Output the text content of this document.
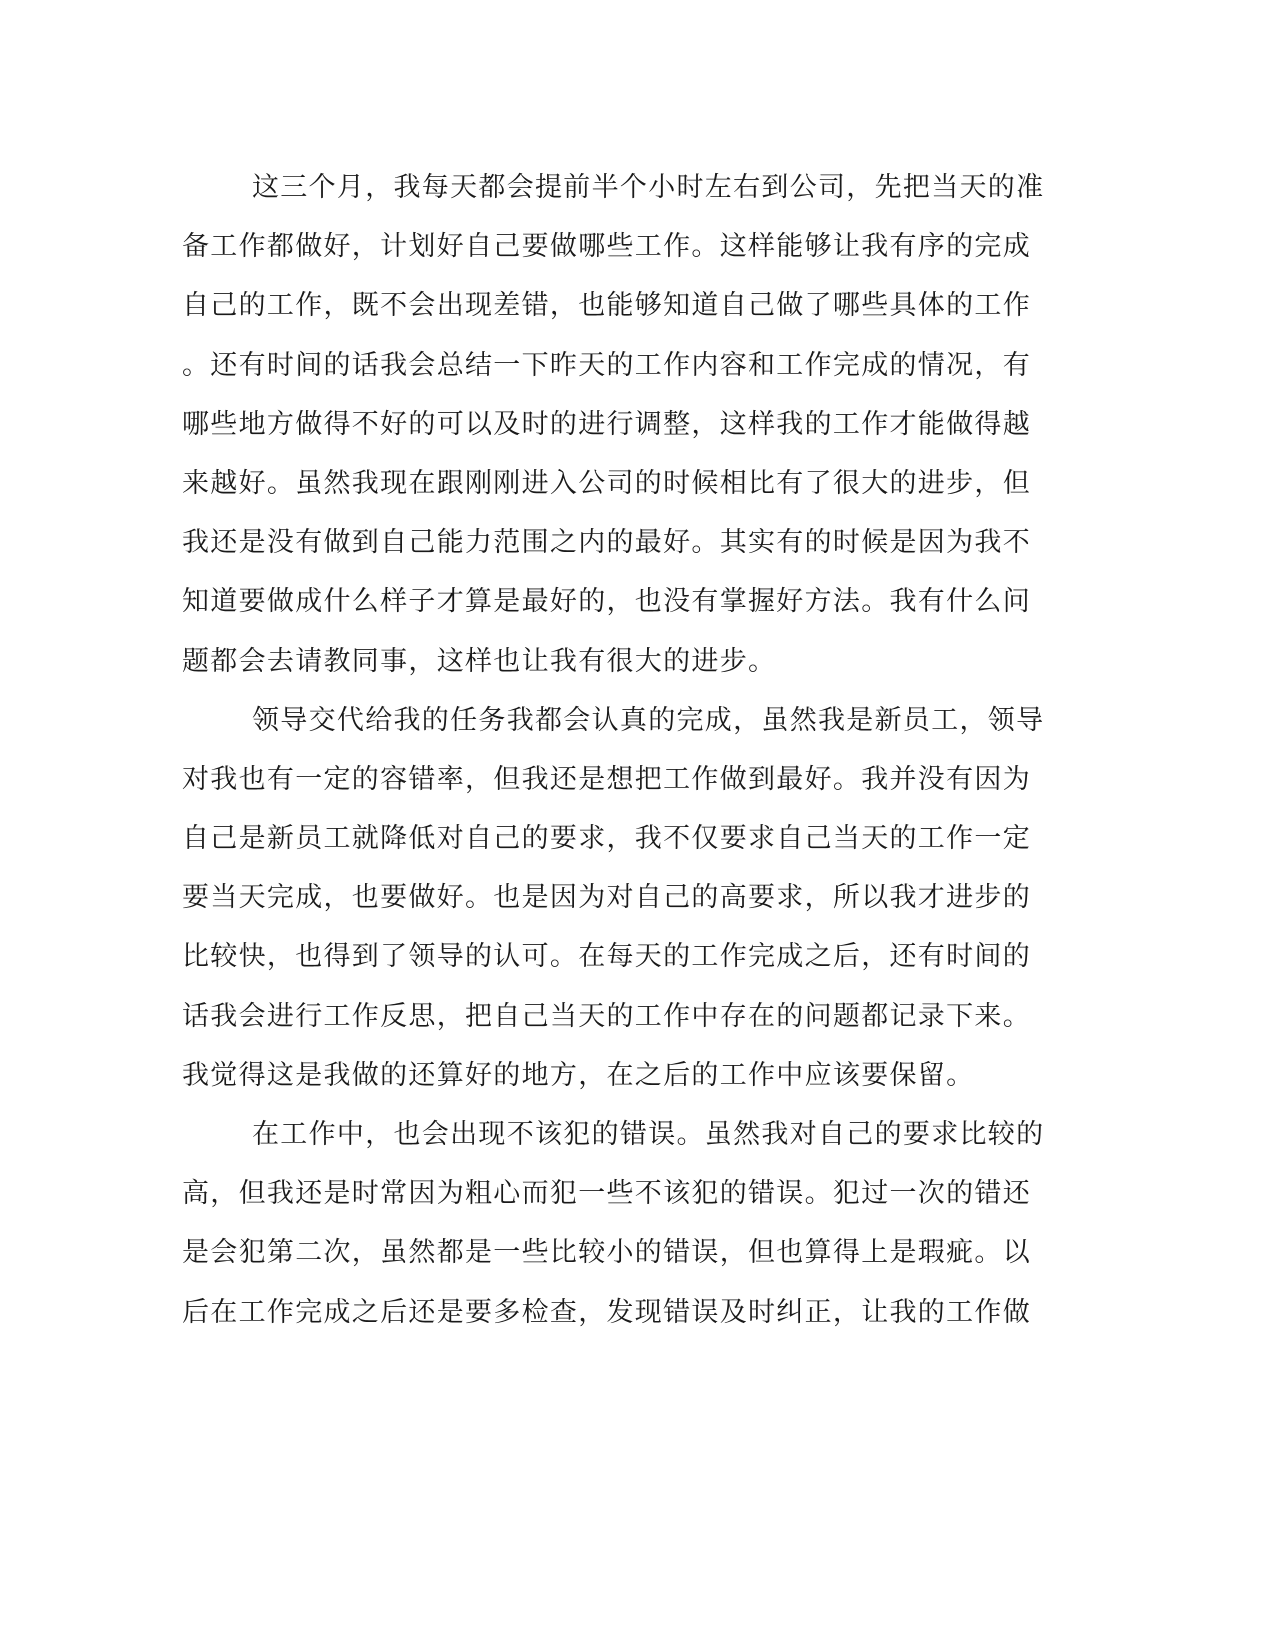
这三个月，我每天都会提前半个小时左右到公司，先把当天的准
备工作都做好，计划好自己要做哪些工作。这样能够让我有序的完成
自己的工作，既不会出现差错，也能够知道自己做了哪些具体的工作
。还有时间的话我会总结一下昨天的工作内容和工作完成的情况，有
哪些地方做得不好的可以及时的进行调整，这样我的工作才能做得越
来越好。虽然我现在跟刚刚进入公司的时候相比有了很大的进步，但
我还是没有做到自己能力范围之内的最好。其实有的时候是因为我不
知道要做成什么样子才算是最好的，也没有掌握好方法。我有什么问
题都会去请教同事，这样也让我有很大的进步。
领导交代给我的任务我都会认真的完成，虽然我是新员工，领导
对我也有一定的容错率，但我还是想把工作做到最好。我并没有因为
自己是新员工就降低对自己的要求，我不仅要求自己当天的工作一定
要当天完成，也要做好。也是因为对自己的高要求，所以我才进步的
比较快，也得到了领导的认可。在每天的工作完成之后，还有时间的
话我会进行工作反思，把自己当天的工作中存在的问题都记录下来。
我觉得这是我做的还算好的地方，在之后的工作中应该要保留。
在工作中，也会出现不该犯的错误。虽然我对自己的要求比较的
高，但我还是时常因为粗心而犯一些不该犯的错误。犯过一次的错还
是会犯第二次，虽然都是一些比较小的错误，但也算得上是瑕疵。以
后在工作完成之后还是要多检查，发现错误及时纠正，让我的工作做
